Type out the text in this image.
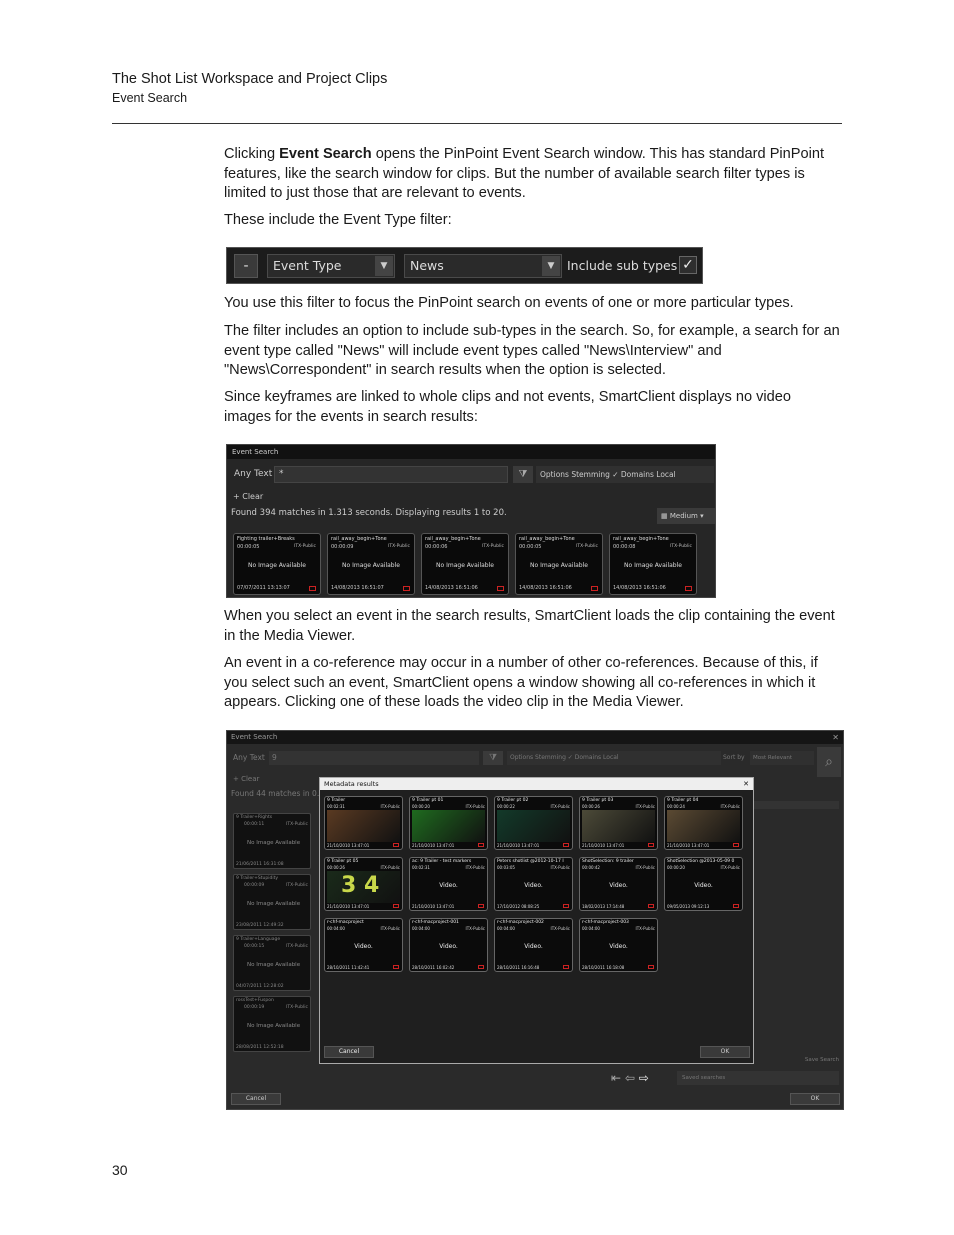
The Shot List Workspace and Project Clips
Event Search

Clicking Event Search opens the PinPoint Event Search window. This has standard PinPoint features, like the search window for clips. But the number of available search filter types is limited to just those that are relevant to events.

These include the Event Type filter:

-	Event Type	▼	News	▼	Include sub types ✓

You use this filter to focus the PinPoint search on events of one or more particular types.

The filter includes an option to include sub-types in the search. So, for example, a search for an event type called "News" will include event types called "News\Interview" and "News\Correspondent" in search results when the option is selected.

Since keyframes are linked to whole clips and not events, SmartClient displays no video images for the events in search results:

Event Search
Any Text *	⧩	Options Stemming ✓ Domains Local
+ Clear
Found 394 matches in 1.313 seconds. Displaying results 1 to 20.	▦ Medium ▾
Fighting trailer+Breaks
00:00:05	ITX-Public
No Image Available
07/07/2011 13:13:07
rail_away_begin+Tone
00:00:09	ITX-Public
No Image Available
14/08/2013 16:51:07
rail_away_begin+Tone
00:00:06	ITX-Public
No Image Available
14/08/2013 16:51:06
rail_away_begin+Tone
00:00:05	ITX-Public
No Image Available
14/08/2013 16:51:06
rail_away_begin+Tone
00:00:08	ITX-Public
No Image Available
14/08/2013 16:51:06

When you select an event in the search results, SmartClient loads the clip containing the event in the Media Viewer.

An event in a co-reference may occur in a number of other co-references. Because of this, if you select such an event, SmartClient opens a window showing all co-references in which it appears. Clicking one of these loads the video clip in the Media Viewer.

Event Search	✕
Any Text 9	⧩	Options Stemming ✓ Domains Local	Sort by	Most Relevant	⌕
+ Clear
Found 44 matches in 0.
9 Trailer+Rights
00:00:11	ITX-Public
No Image Available
21/06/2011 16:31:08
9 Trailer+Stupidity
00:00:09	ITX-Public
No Image Available
23/08/2011 12:49:32
9 Trailer+Language
00:00:15	ITX-Public
No Image Available
04/07/2011 12:28:02
rossTest+Fuspon
00:00:19	ITX-Public
No Image Available
28/08/2011 12:52:18
Save Search
⇤ ⇦ ⇨	Saved searches
Cancel	OK
Metadata results	✕
9 Trailer
00:02:31	ITX-Public
21/10/2010 13:47:01
9 Trailer pt 01
00:00:20	ITX-Public
21/10/2010 13:47:01
9 Trailer pt 02
00:00:22	ITX-Public
21/10/2010 13:47:01
9 Trailer pt 03
00:00:26	ITX-Public
21/10/2010 13:47:01
9 Trailer pt 04
00:00:24	ITX-Public
21/10/2010 13:47:01
9 Trailer pt 05
00:00:26	ITX-Public
3 4
21/10/2010 13:47:01
ac: 9 Trailer - test markers
00:02:31	ITX-Public
Video.
21/10/2010 13:47:01
Peters shotlist @2012-10-17 I
00:03:05	ITX-Public
Video.
17/10/2012 08:08:25
ShotSelection: 9 trailer
00:00:42	ITX-Public
Video.
18/02/2013 17:14:48
ShotSelection @2013-05-09 0
00:00:20	ITX-Public
Video.
09/05/2013 09:12:13
r-chf-macproject
00:04:00	ITX-Public
Video.
28/10/2011 11:42:41
r-chf-macproject-001
00:04:00	ITX-Public
Video.
28/10/2011 16:02:42
r-chf-macproject-002
00:04:00	ITX-Public
Video.
28/10/2011 16:16:48
r-chf-macproject-003
00:04:00	ITX-Public
Video.
28/10/2011 16:18:08
Cancel	OK
30
